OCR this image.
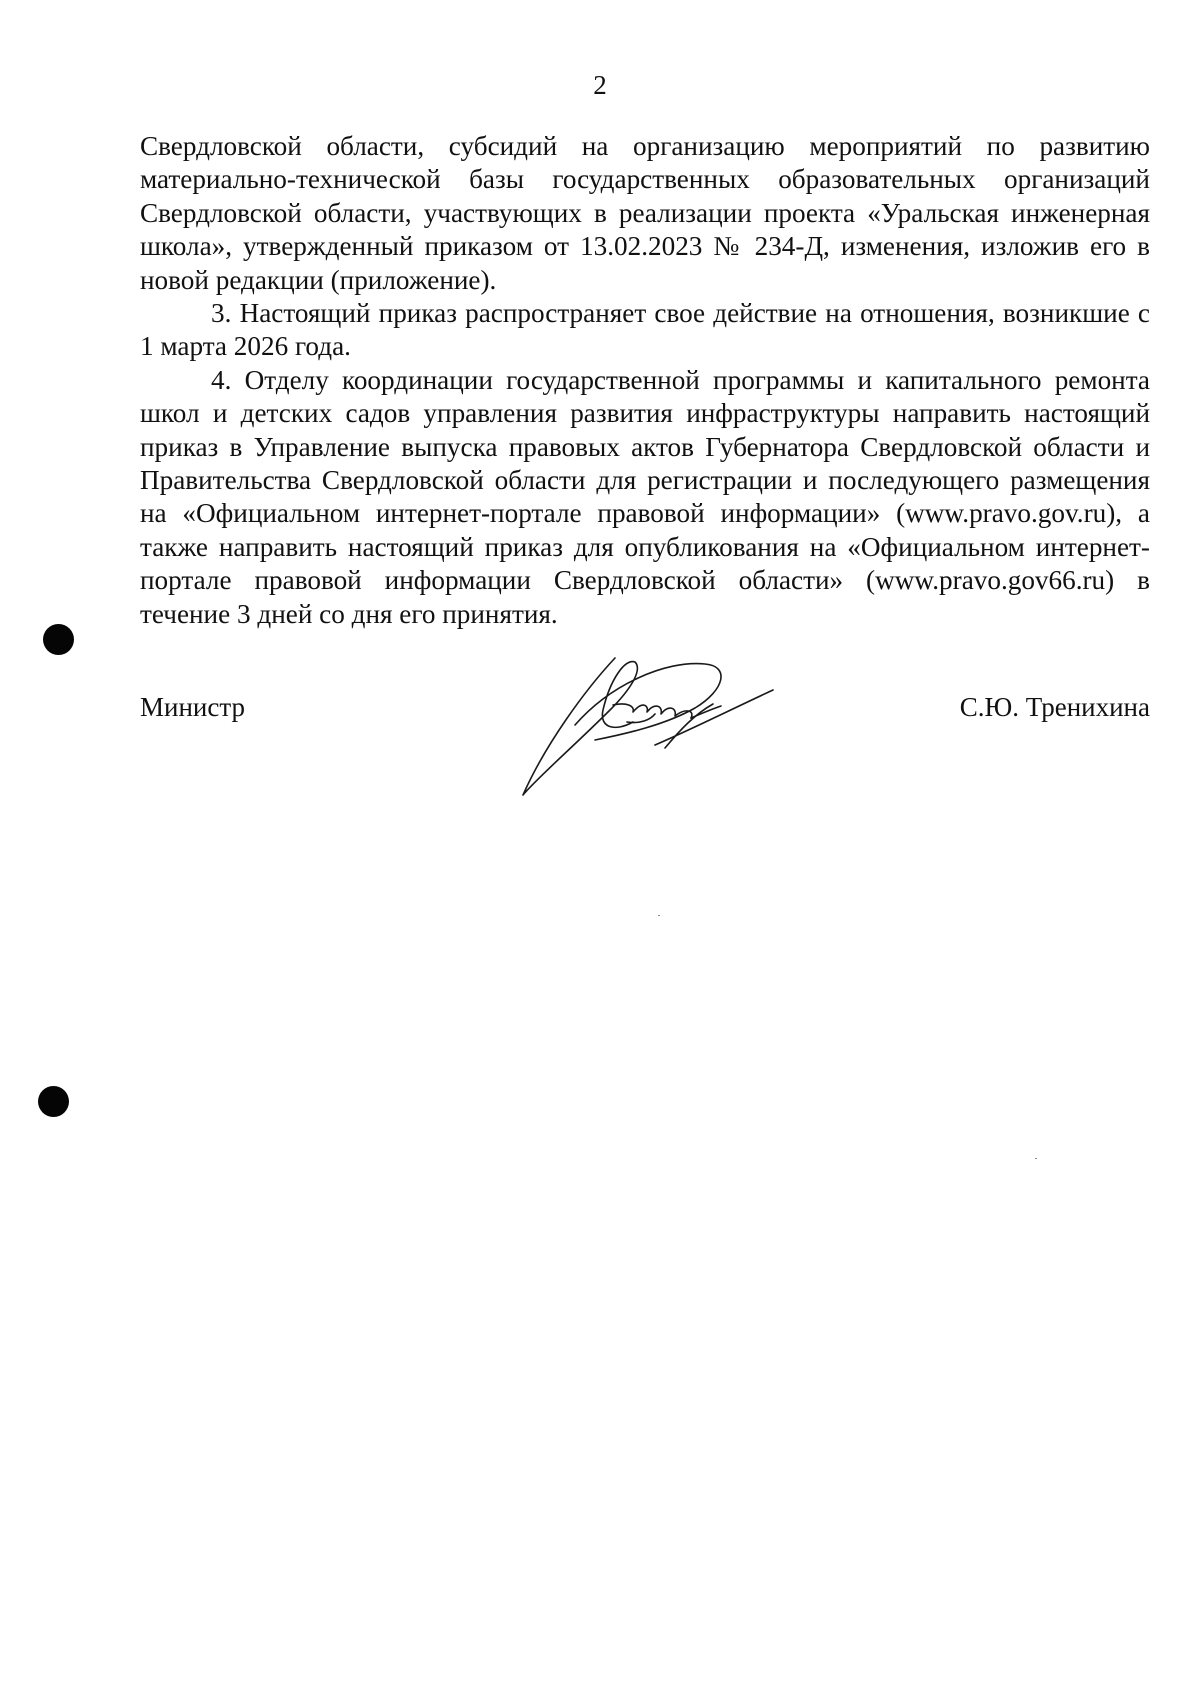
2

Свердловской области, субсидий на организацию мероприятий по развитию материально-технической базы государственных образовательных организаций Свердловской области, участвующих в реализации проекта «Уральская инженерная школа», утвержденный приказом от 13.02.2023 № 234-Д, изменения, изложив его в новой редакции (приложение).

3. Настоящий приказ распространяет свое действие на отношения, возникшие с 1 марта 2026 года.

4. Отделу координации государственной программы и капитального ремонта школ и детских садов управления развития инфраструктуры направить настоящий приказ в Управление выпуска правовых актов Губернатора Свердловской области и Правительства Свердловской области для регистрации и последующего размещения на «Официальном интернет-портале правовой информации» (www.pravo.gov.ru), а также направить настоящий приказ для опубликования на «Официальном интернет-портале правовой информации Свердловской области» (www.pravo.gov66.ru) в течение 3 дней со дня его принятия.

Министр	С.Ю. Тренихина
